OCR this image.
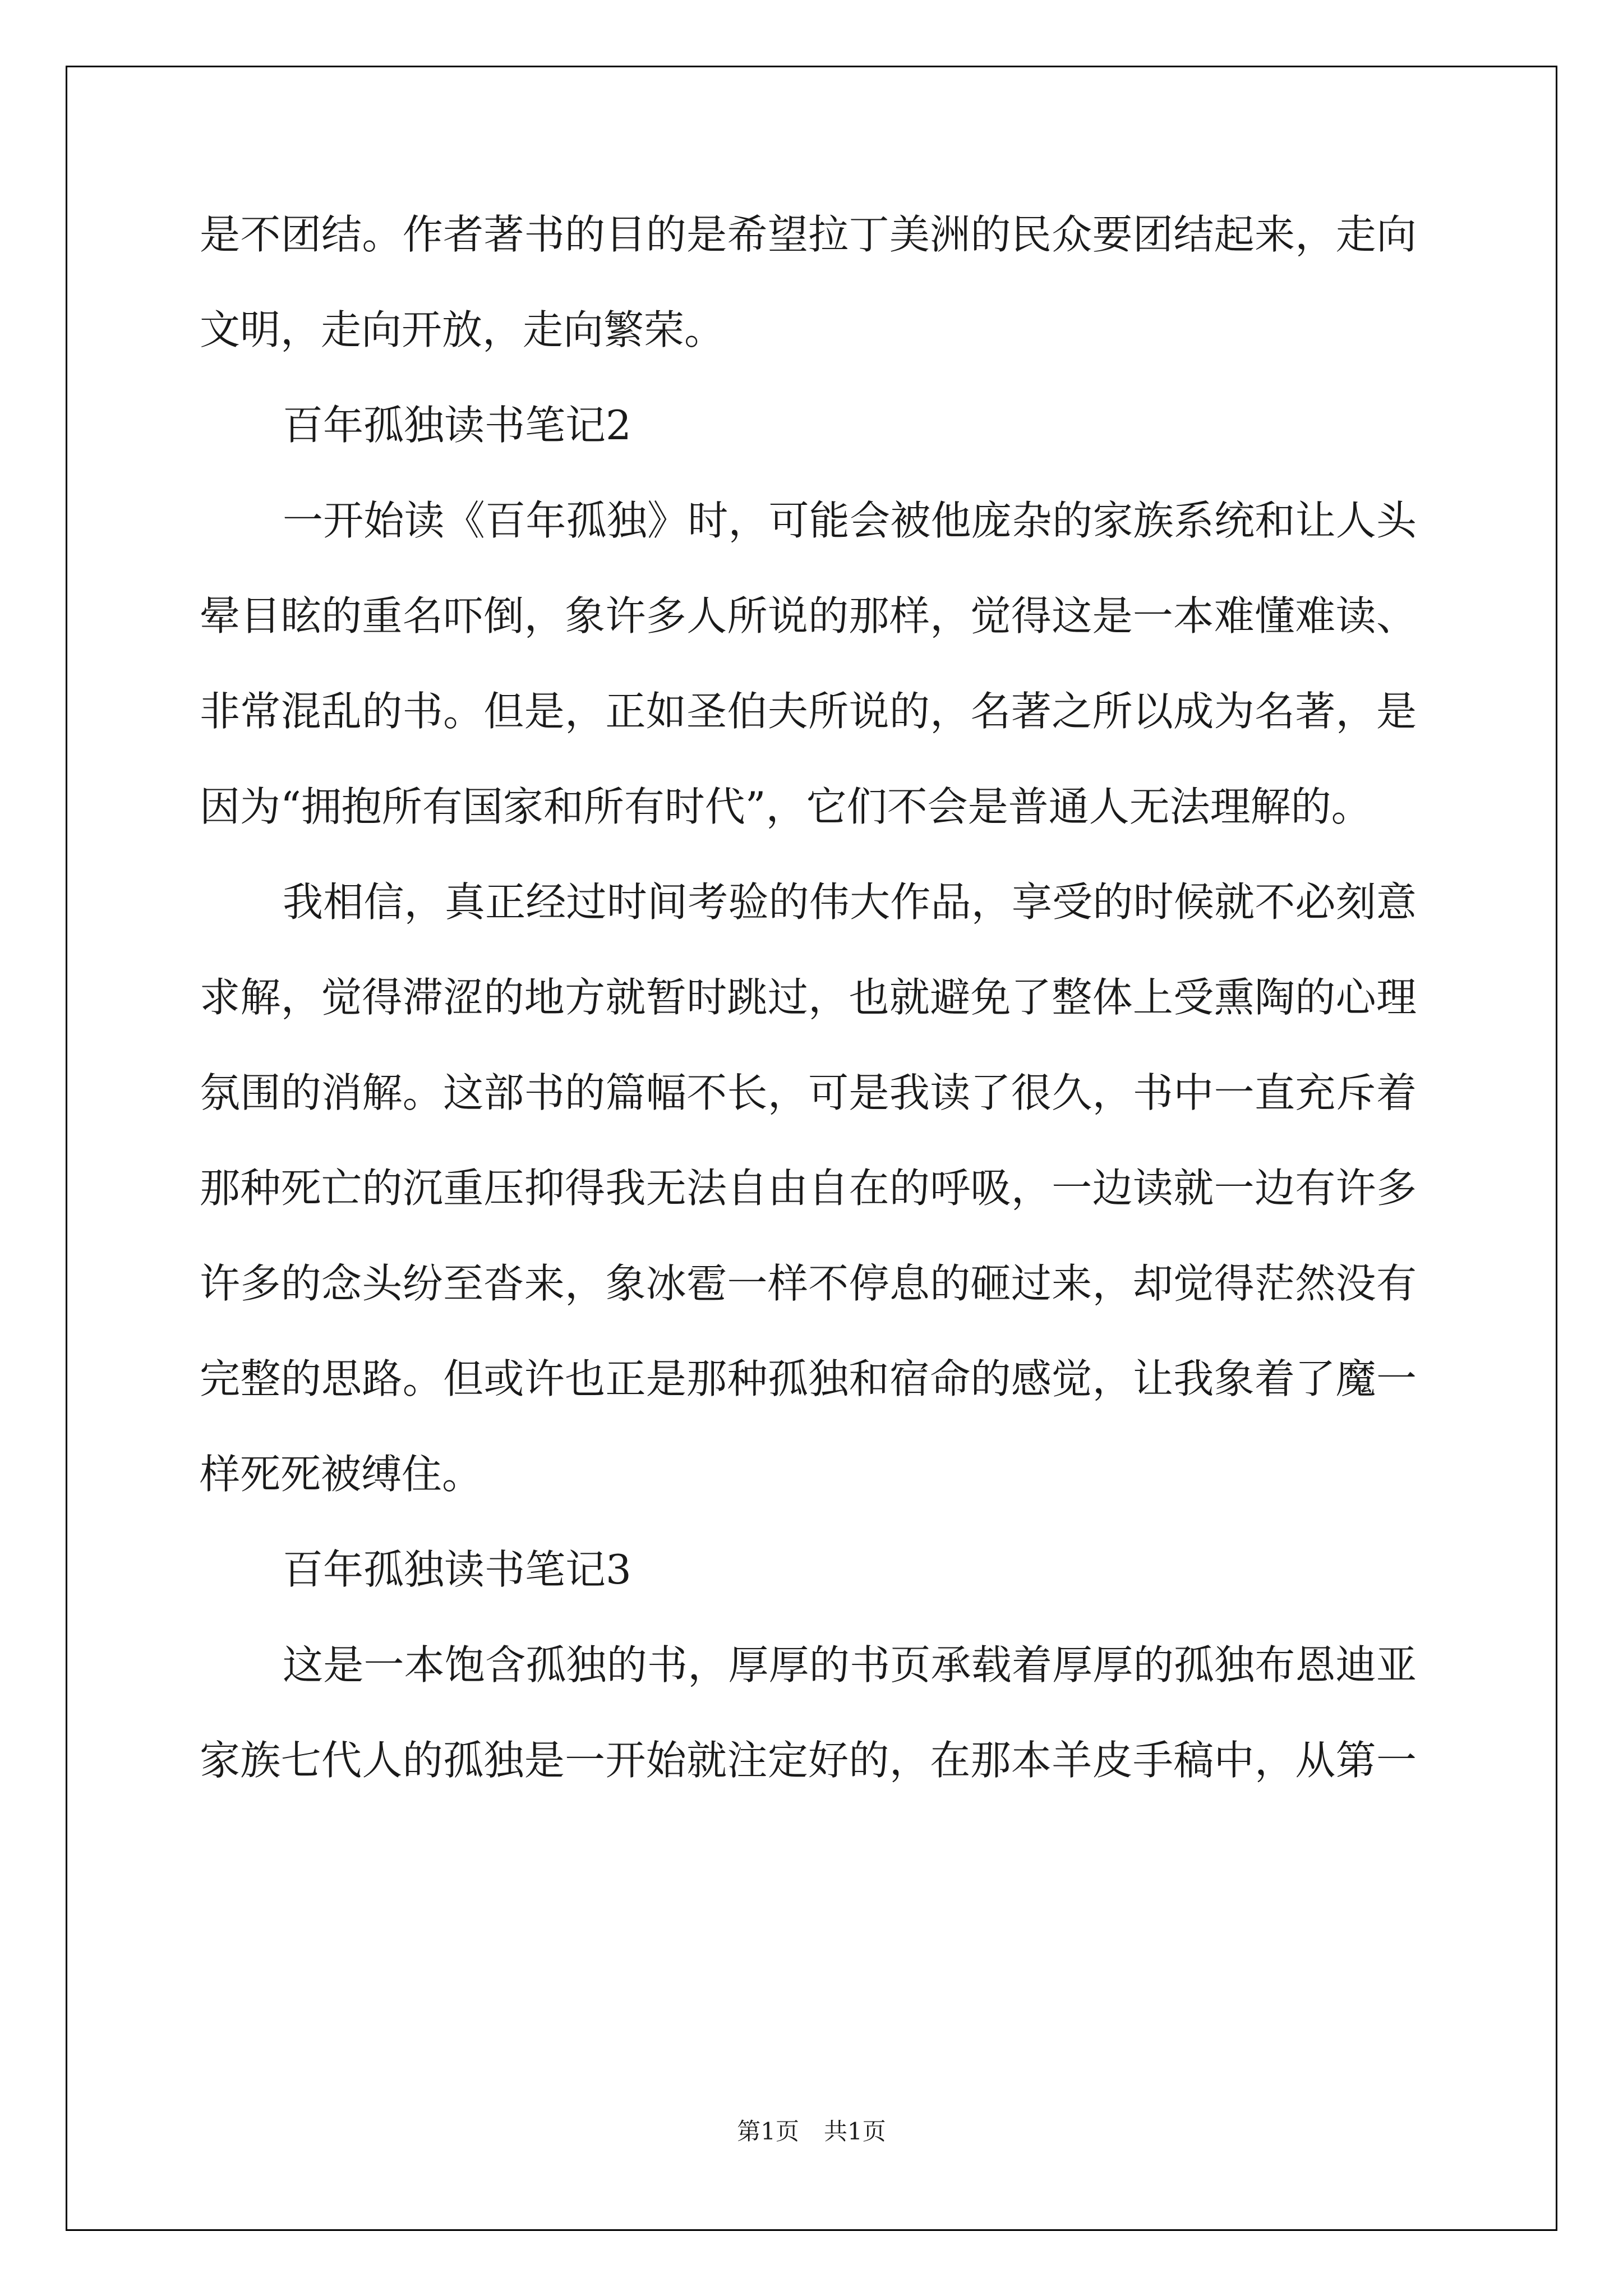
是不团结。作者著书的目的是希望拉丁美洲的民众要团结起来，走向
文明，走向开放，走向繁荣。
百年孤独读书笔记2
一开始读《百年孤独》时，可能会被他庞杂的家族系统和让人头
晕目眩的重名吓倒，象许多人所说的那样，觉得这是一本难懂难读、
非常混乱的书。但是，正如圣伯夫所说的，名著之所以成为名著，是
因为“拥抱所有国家和所有时代”，它们不会是普通人无法理解的。
我相信，真正经过时间考验的伟大作品，享受的时候就不必刻意
求解，觉得滞涩的地方就暂时跳过，也就避免了整体上受熏陶的心理
氛围的消解。这部书的篇幅不长，可是我读了很久，书中一直充斥着
那种死亡的沉重压抑得我无法自由自在的呼吸，一边读就一边有许多
许多的念头纷至沓来，象冰雹一样不停息的砸过来，却觉得茫然没有
完整的思路。但或许也正是那种孤独和宿命的感觉，让我象着了魔一
样死死被缚住。
百年孤独读书笔记3
这是一本饱含孤独的书，厚厚的书页承载着厚厚的孤独布恩迪亚
家族七代人的孤独是一开始就注定好的，在那本羊皮手稿中，从第一
第1页 共1页
